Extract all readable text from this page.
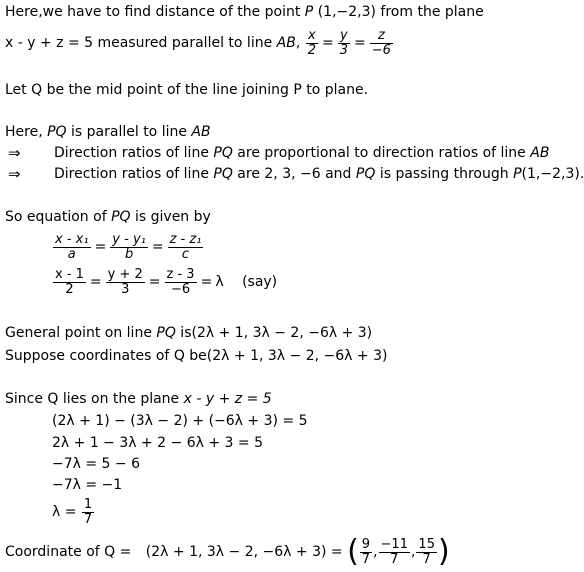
Here,we have to find distance of the point P (1,−2,3) from the plane
x - y + z = 5 measured parallel to line AB, $\frac{x}{2} = \frac{y}{3} = \frac{z}{-6}$
Let Q be the mid point of the line joining P to plane.
Here, PQ is parallel to line AB
⇒ Direction ratios of line PQ are proportional to direction ratios of line AB
⇒ Direction ratios of line PQ are 2, 3, −6 and PQ is passing through P(1,−2,3).
So equation of PQ is given by
$\frac{\text{x - x₁}}{a} = \frac{\text{y - y₁}}{b} = \frac{\text{z - z₁}}{c}$
$\frac{x - 1}{2} = \frac{y + 2}{3} = \frac{z - 3}{-6} = \lambda$ (say)
General point on line PQ is(2λ + 1, 3λ − 2, −6λ + 3)
Suppose coordinates of Q be(2λ + 1, 3λ − 2, −6λ + 3)
Since Q lies on the plane x - y + z = 5
(2λ + 1) − (3λ − 2) + (−6λ + 3) = 5
2λ + 1 − 3λ + 2 − 6λ + 3 = 5
−7λ = 5 − 6
−7λ = −1
$\lambda = \frac{1}{7}$
Coordinate of Q = (2λ + 1, 3λ − 2, −6λ + 3) = ( $\frac{9}{7}$ , $\frac{-11}{7}$ , $\frac{15}{7}$ )
